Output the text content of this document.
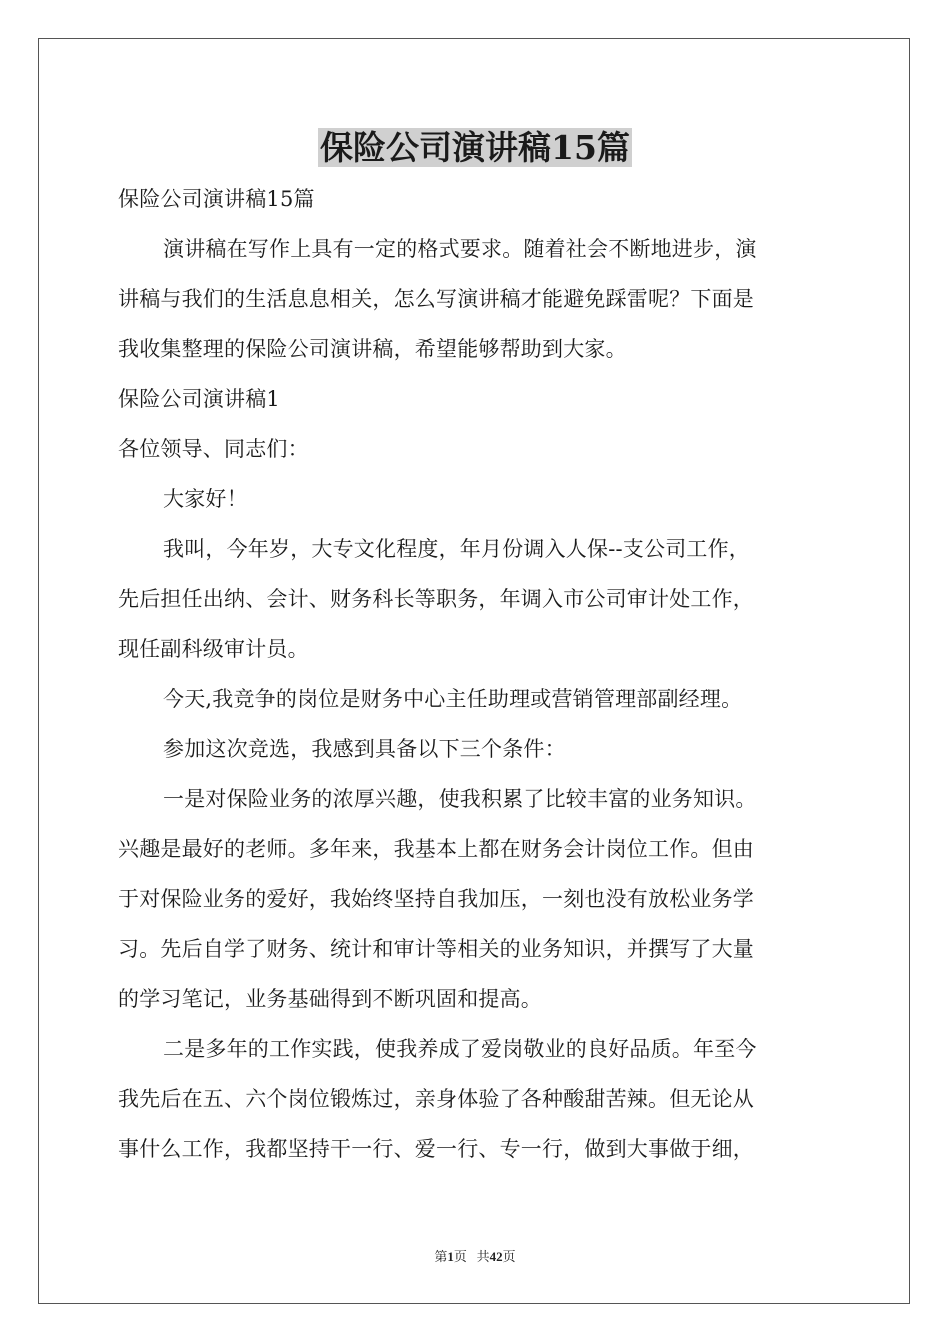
保险公司演讲稿15篇
保险公司演讲稿15篇
演讲稿在写作上具有一定的格式要求。随着社会不断地进步，演
讲稿与我们的生活息息相关，怎么写演讲稿才能避免踩雷呢？下面是
我收集整理的保险公司演讲稿，希望能够帮助到大家。
保险公司演讲稿1
各位领导、同志们：
大家好！
我叫，今年岁，大专文化程度，年月份调入人保--支公司工作，
先后担任出纳、会计、财务科长等职务，年调入市公司审计处工作，
现任副科级审计员。
今天,我竞争的岗位是财务中心主任助理或营销管理部副经理。
参加这次竞选，我感到具备以下三个条件：
一是对保险业务的浓厚兴趣，使我积累了比较丰富的业务知识。
兴趣是最好的老师。多年来，我基本上都在财务会计岗位工作。但由
于对保险业务的爱好，我始终坚持自我加压，一刻也没有放松业务学
习。先后自学了财务、统计和审计等相关的业务知识，并撰写了大量
的学习笔记，业务基础得到不断巩固和提高。
二是多年的工作实践，使我养成了爱岗敬业的良好品质。年至今
我先后在五、六个岗位锻炼过，亲身体验了各种酸甜苦辣。但无论从
事什么工作，我都坚持干一行、爱一行、专一行，做到大事做于细，
第1页 共42页
